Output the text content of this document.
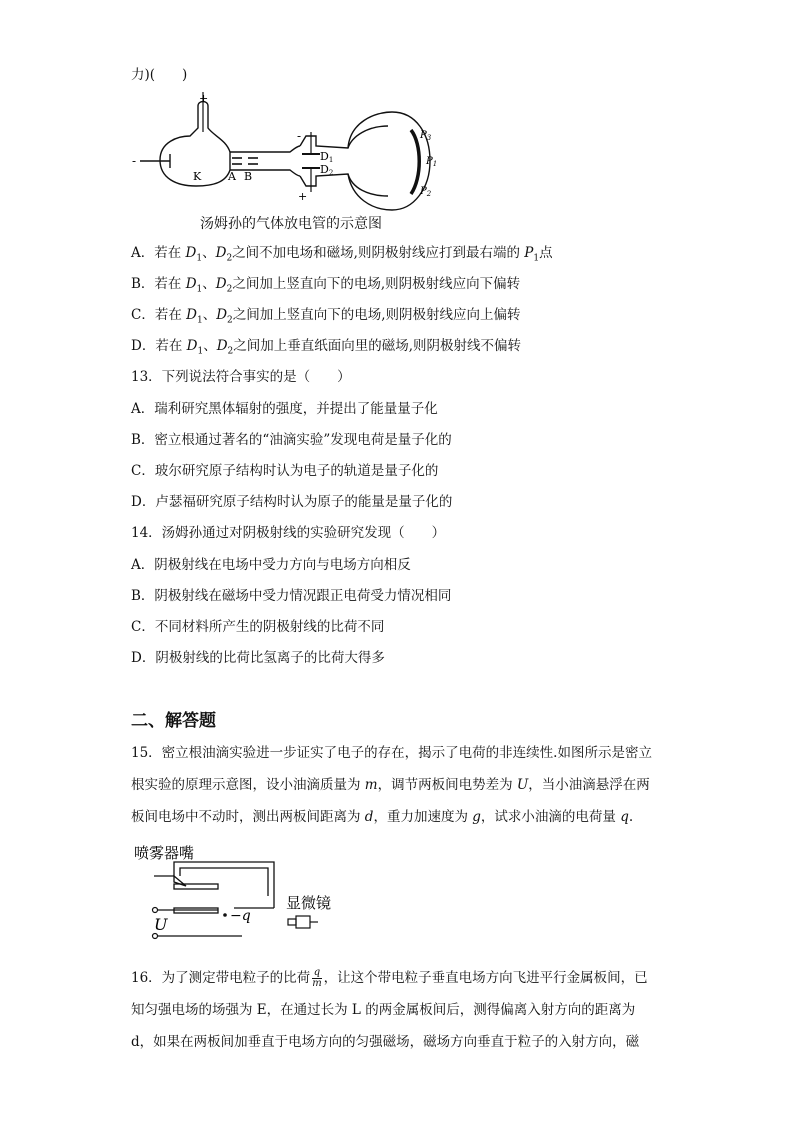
力)(　　)
+
-
K A B
-
+
D1
D2
$P_3$
$P_1$
$P_2$
汤姆孙的气体放电管的示意图
A．若在 $D_1$、$D_2$之间不加电场和磁场,则阴极射线应打到最右端的 $P_1$点
B．若在 $D_1$、$D_2$之间加上竖直向下的电场,则阴极射线应向下偏转
C．若在 $D_1$、$D_2$之间加上竖直向下的电场,则阴极射线应向上偏转
D．若在 $D_1$、$D_2$之间加上垂直纸面向里的磁场,则阴极射线不偏转
13．下列说法符合事实的是（　　）
A．瑞利研究黑体辐射的强度，并提出了能量量子化
B．密立根通过著名的“油滴实验”发现电荷是量子化的
C．玻尔研究原子结构时认为电子的轨道是量子化的
D．卢瑟福研究原子结构时认为原子的能量是量子化的
14．汤姆孙通过对阴极射线的实验研究发现（　　）
A．阴极射线在电场中受力方向与电场方向相反
B．阴极射线在磁场中受力情况跟正电荷受力情况相同
C．不同材料所产生的阴极射线的比荷不同
D．阴极射线的比荷比氢离子的比荷大得多
二、解答题
15．密立根油滴实验进一步证实了电子的存在，揭示了电荷的非连续性.如图所示是密立根实验的原理示意图，设小油滴质量为 m，调节两板间电势差为 U，当小油滴悬浮在两板间电场中不动时，测出两板间距离为 d，重力加速度为 g，试求小油滴的电荷量 q.
喷雾器嘴
U	−q
显微镜
16．为了测定带电粒子的比荷 $\frac{q}{m}$ ，让这个带电粒子垂直电场方向飞进平行金属板间，已知匀强电场的场强为 E，在通过长为 L 的两金属板间后，测得偏离入射方向的距离为 d，如果在两板间加垂直于电场方向的匀强磁场，磁场方向垂直于粒子的入射方向，磁
